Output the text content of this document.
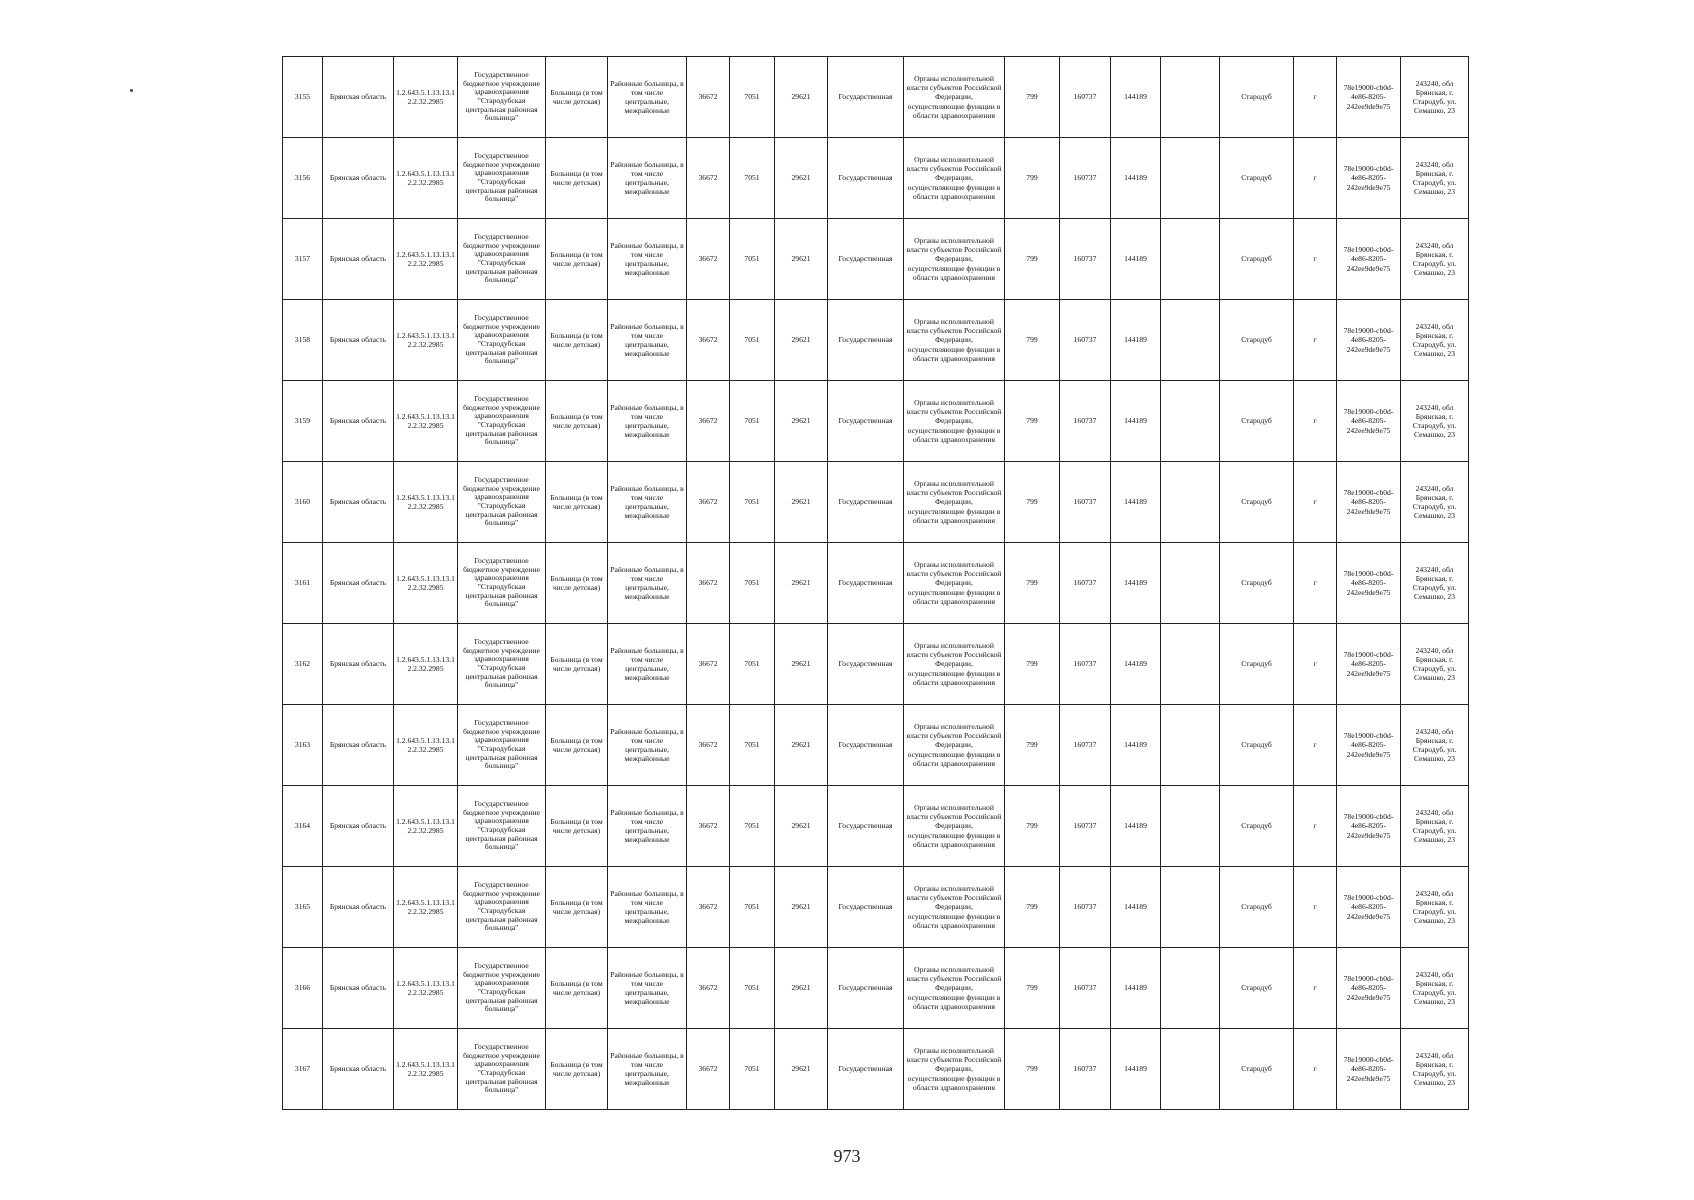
3155	Брянская область	1.2.643.5.1.13.13.12.2.32.2985	Государственное бюджетное учреждение здравоохранения "Стародубская центральная районная больница"	Больница (в том числе детская)	Районные больницы, в том числе центральные, межрайонные	36672	7051	29621	Государственная	Органы исполнительной власти субъектов Российской Федерации, осуществляющие функции в области здравоохранения	799	160737	144189		Стародуб	г	78e19000-cb0d-4e86-8205-242ee9de9e75	243240, обл Брянская, г. Стародуб, ул. Семашко, 23
3156	Брянская область	1.2.643.5.1.13.13.12.2.32.2985	Государственное бюджетное учреждение здравоохранения "Стародубская центральная районная больница"	Больница (в том числе детская)	Районные больницы, в том числе центральные, межрайонные	36672	7051	29621	Государственная	Органы исполнительной власти субъектов Российской Федерации, осуществляющие функции в области здравоохранения	799	160737	144189		Стародуб	г	78e19000-cb0d-4e86-8205-242ee9de9e75	243240, обл Брянская, г. Стародуб, ул. Семашко, 23
3157	Брянская область	1.2.643.5.1.13.13.12.2.32.2985	Государственное бюджетное учреждение здравоохранения "Стародубская центральная районная больница"	Больница (в том числе детская)	Районные больницы, в том числе центральные, межрайонные	36672	7051	29621	Государственная	Органы исполнительной власти субъектов Российской Федерации, осуществляющие функции в области здравоохранения	799	160737	144189		Стародуб	г	78e19000-cb0d-4e86-8205-242ee9de9e75	243240, обл Брянская, г. Стародуб, ул. Семашко, 23
3158	Брянская область	1.2.643.5.1.13.13.12.2.32.2985	Государственное бюджетное учреждение здравоохранения "Стародубская центральная районная больница"	Больница (в том числе детская)	Районные больницы, в том числе центральные, межрайонные	36672	7051	29621	Государственная	Органы исполнительной власти субъектов Российской Федерации, осуществляющие функции в области здравоохранения	799	160737	144189		Стародуб	г	78e19000-cb0d-4e86-8205-242ee9de9e75	243240, обл Брянская, г. Стародуб, ул. Семашко, 23
3159	Брянская область	1.2.643.5.1.13.13.12.2.32.2985	Государственное бюджетное учреждение здравоохранения "Стародубская центральная районная больница"	Больница (в том числе детская)	Районные больницы, в том числе центральные, межрайонные	36672	7051	29621	Государственная	Органы исполнительной власти субъектов Российской Федерации, осуществляющие функции в области здравоохранения	799	160737	144189		Стародуб	г	78e19000-cb0d-4e86-8205-242ee9de9e75	243240, обл Брянская, г. Стародуб, ул. Семашко, 23
3160	Брянская область	1.2.643.5.1.13.13.12.2.32.2985	Государственное бюджетное учреждение здравоохранения "Стародубская центральная районная больница"	Больница (в том числе детская)	Районные больницы, в том числе центральные, межрайонные	36672	7051	29621	Государственная	Органы исполнительной власти субъектов Российской Федерации, осуществляющие функции в области здравоохранения	799	160737	144189		Стародуб	г	78e19000-cb0d-4e86-8205-242ee9de9e75	243240, обл Брянская, г. Стародуб, ул. Семашко, 23
3161	Брянская область	1.2.643.5.1.13.13.12.2.32.2985	Государственное бюджетное учреждение здравоохранения "Стародубская центральная районная больница"	Больница (в том числе детская)	Районные больницы, в том числе центральные, межрайонные	36672	7051	29621	Государственная	Органы исполнительной власти субъектов Российской Федерации, осуществляющие функции в области здравоохранения	799	160737	144189		Стародуб	г	78e19000-cb0d-4e86-8205-242ee9de9e75	243240, обл Брянская, г. Стародуб, ул. Семашко, 23
3162	Брянская область	1.2.643.5.1.13.13.12.2.32.2985	Государственное бюджетное учреждение здравоохранения "Стародубская центральная районная больница"	Больница (в том числе детская)	Районные больницы, в том числе центральные, межрайонные	36672	7051	29621	Государственная	Органы исполнительной власти субъектов Российской Федерации, осуществляющие функции в области здравоохранения	799	160737	144189		Стародуб	г	78e19000-cb0d-4e86-8205-242ee9de9e75	243240, обл Брянская, г. Стародуб, ул. Семашко, 23
3163	Брянская область	1.2.643.5.1.13.13.12.2.32.2985	Государственное бюджетное учреждение здравоохранения "Стародубская центральная районная больница"	Больница (в том числе детская)	Районные больницы, в том числе центральные, межрайонные	36672	7051	29621	Государственная	Органы исполнительной власти субъектов Российской Федерации, осуществляющие функции в области здравоохранения	799	160737	144189		Стародуб	г	78e19000-cb0d-4e86-8205-242ee9de9e75	243240, обл Брянская, г. Стародуб, ул. Семашко, 23
3164	Брянская область	1.2.643.5.1.13.13.12.2.32.2985	Государственное бюджетное учреждение здравоохранения "Стародубская центральная районная больница"	Больница (в том числе детская)	Районные больницы, в том числе центральные, межрайонные	36672	7051	29621	Государственная	Органы исполнительной власти субъектов Российской Федерации, осуществляющие функции в области здравоохранения	799	160737	144189		Стародуб	г	78e19000-cb0d-4e86-8205-242ee9de9e75	243240, обл Брянская, г. Стародуб, ул. Семашко, 23
3165	Брянская область	1.2.643.5.1.13.13.12.2.32.2985	Государственное бюджетное учреждение здравоохранения "Стародубская центральная районная больница"	Больница (в том числе детская)	Районные больницы, в том числе центральные, межрайонные	36672	7051	29621	Государственная	Органы исполнительной власти субъектов Российской Федерации, осуществляющие функции в области здравоохранения	799	160737	144189		Стародуб	г	78e19000-cb0d-4e86-8205-242ee9de9e75	243240, обл Брянская, г. Стародуб, ул. Семашко, 23
3166	Брянская область	1.2.643.5.1.13.13.12.2.32.2985	Государственное бюджетное учреждение здравоохранения "Стародубская центральная районная больница"	Больница (в том числе детская)	Районные больницы, в том числе центральные, межрайонные	36672	7051	29621	Государственная	Органы исполнительной власти субъектов Российской Федерации, осуществляющие функции в области здравоохранения	799	160737	144189		Стародуб	г	78e19000-cb0d-4e86-8205-242ee9de9e75	243240, обл Брянская, г. Стародуб, ул. Семашко, 23
3167	Брянская область	1.2.643.5.1.13.13.12.2.32.2985	Государственное бюджетное учреждение здравоохранения "Стародубская центральная районная больница"	Больница (в том числе детская)	Районные больницы, в том числе центральные, межрайонные	36672	7051	29621	Государственная	Органы исполнительной власти субъектов Российской Федерации, осуществляющие функции в области здравоохранения	799	160737	144189		Стародуб	г	78e19000-cb0d-4e86-8205-242ee9de9e75	243240, обл Брянская, г. Стародуб, ул. Семашко, 23
973
